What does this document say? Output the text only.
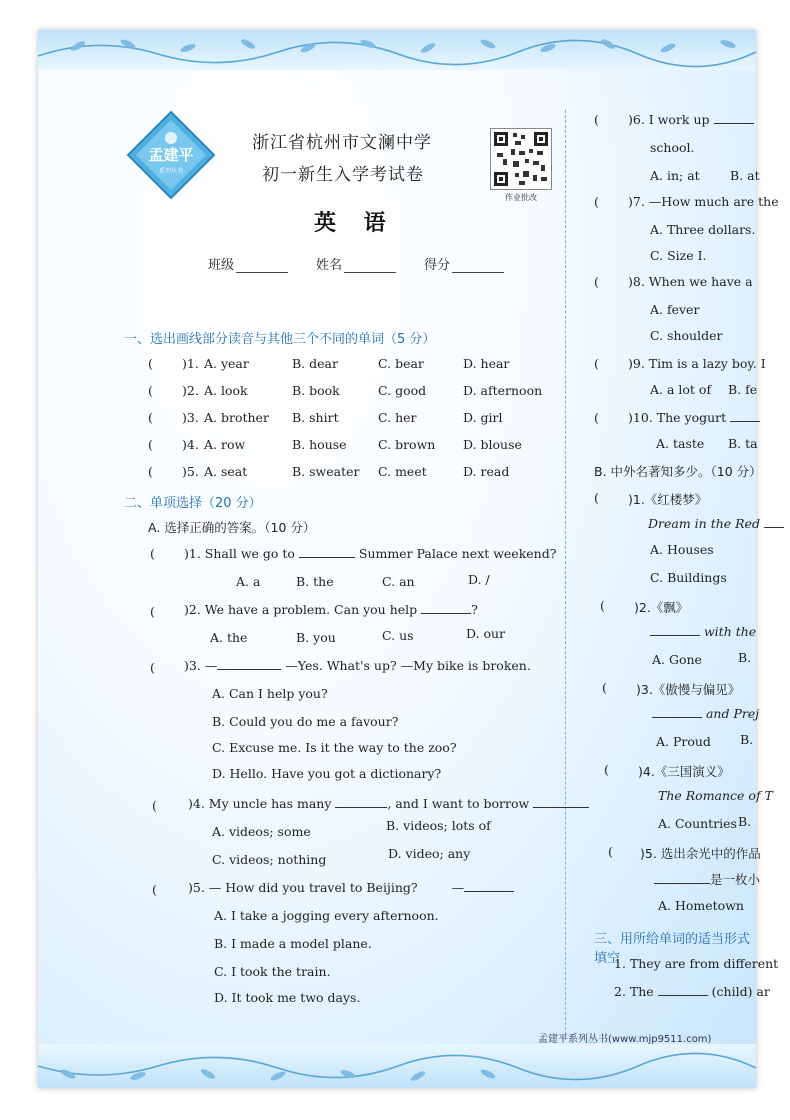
孟建平
系列丛书
浙江省杭州市文澜中学
初一新生入学考试卷
作业批改
英 语
班级	姓名	得分
一、选出画线部分读音与其他三个不同的单词（5 分）
( )1. A. year	B. dear	C. bear	D. hear
( )2. A. look	B. book	C. good	D. afternoon
( )3. A. brother B. shirt	C. her	D. girl
( )4. A. row	B. house	C. brown D. blouse
( )5. A. seat	B. sweater C. meet	D. read
二、单项选择（20 分）
A. 选择正确的答案。（10 分）
( )1. Shall we go to	Summer Palace next weekend?
A. a	B. the	C. an	D. /
( )2. We have a problem. Can you help	?
A. the	B. you	C. us	D. our
( )3. —	—Yes. What's up? —My bike is broken.
A. Can I help you?
B. Could you do me a favour?
C. Excuse me. Is it the way to the zoo?
D. Hello. Have you got a dictionary?
( )4. My uncle has many	, and I want to borrow
A. videos; some	B. videos; lots of
C. videos; nothing	D. video; any
( )5. — How did you travel to Beijing?	—
A. I take a jogging every afternoon.
B. I made a model plane.
C. I took the train.
D. It took me two days.
( )6. I work up
school.
A. in; at B. at
( )7. —How much are the
A. Three dollars.
C. Size I.
( )8. When we have a
A. fever
C. shoulder
( )9. Tim is a lazy boy. I
A. a lot of B. fe
( )10. The yogurt
A. taste B. ta
B. 中外名著知多少。（10 分）
( )1.《红楼梦》
Dream in the Red
A. Houses
C. Buildings
( )2.《飘》
with the
A. Gone	B.
( )3.《傲慢与偏见》
and Prej
A. Proud B.
( )4.《三国演义》
The Romance of T
A. Countries B.
( )5. 选出余光中的作品
是一枚小
A. Hometown
三、用所给单词的适当形式填空
1. They are from different
2. The	(child) ar
孟建平系列丛书(www.mjp9511.com)
